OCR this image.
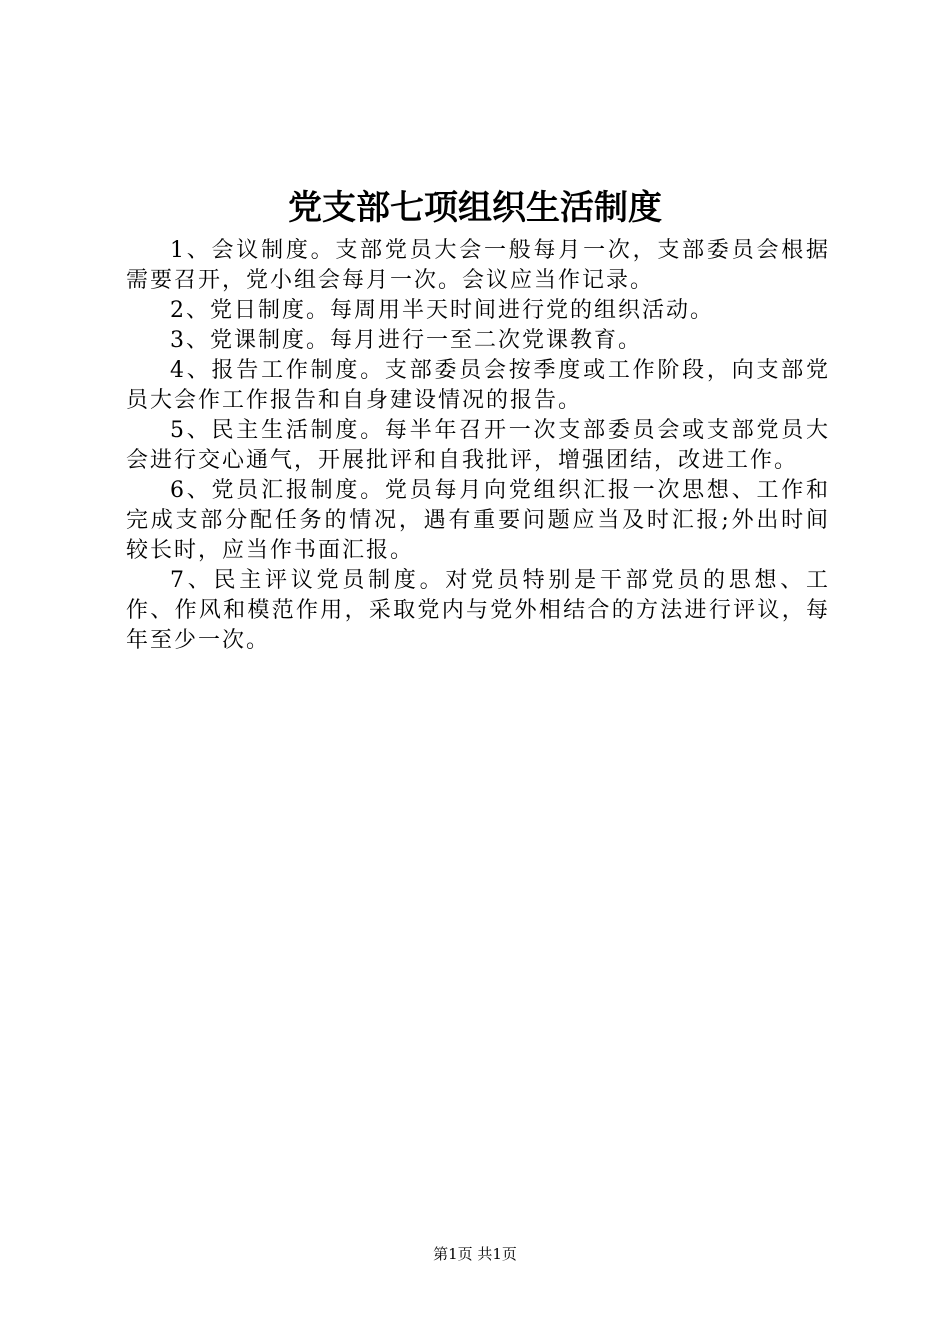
党支部七项组织生活制度

1、会议制度。支部党员大会一般每月一次，支部委员会根据需要召开，党小组会每月一次。会议应当作记录。

2、党日制度。每周用半天时间进行党的组织活动。

3、党课制度。每月进行一至二次党课教育。

4、报告工作制度。支部委员会按季度或工作阶段，向支部党员大会作工作报告和自身建设情况的报告。

5、民主生活制度。每半年召开一次支部委员会或支部党员大会进行交心通气，开展批评和自我批评，增强团结，改进工作。

6、党员汇报制度。党员每月向党组织汇报一次思想、工作和完成支部分配任务的情况，遇有重要问题应当及时汇报;外出时间较长时，应当作书面汇报。

7、民主评议党员制度。对党员特别是干部党员的思想、工作、作风和模范作用，采取党内与党外相结合的方法进行评议，每年至少一次。

第1页 共1页
